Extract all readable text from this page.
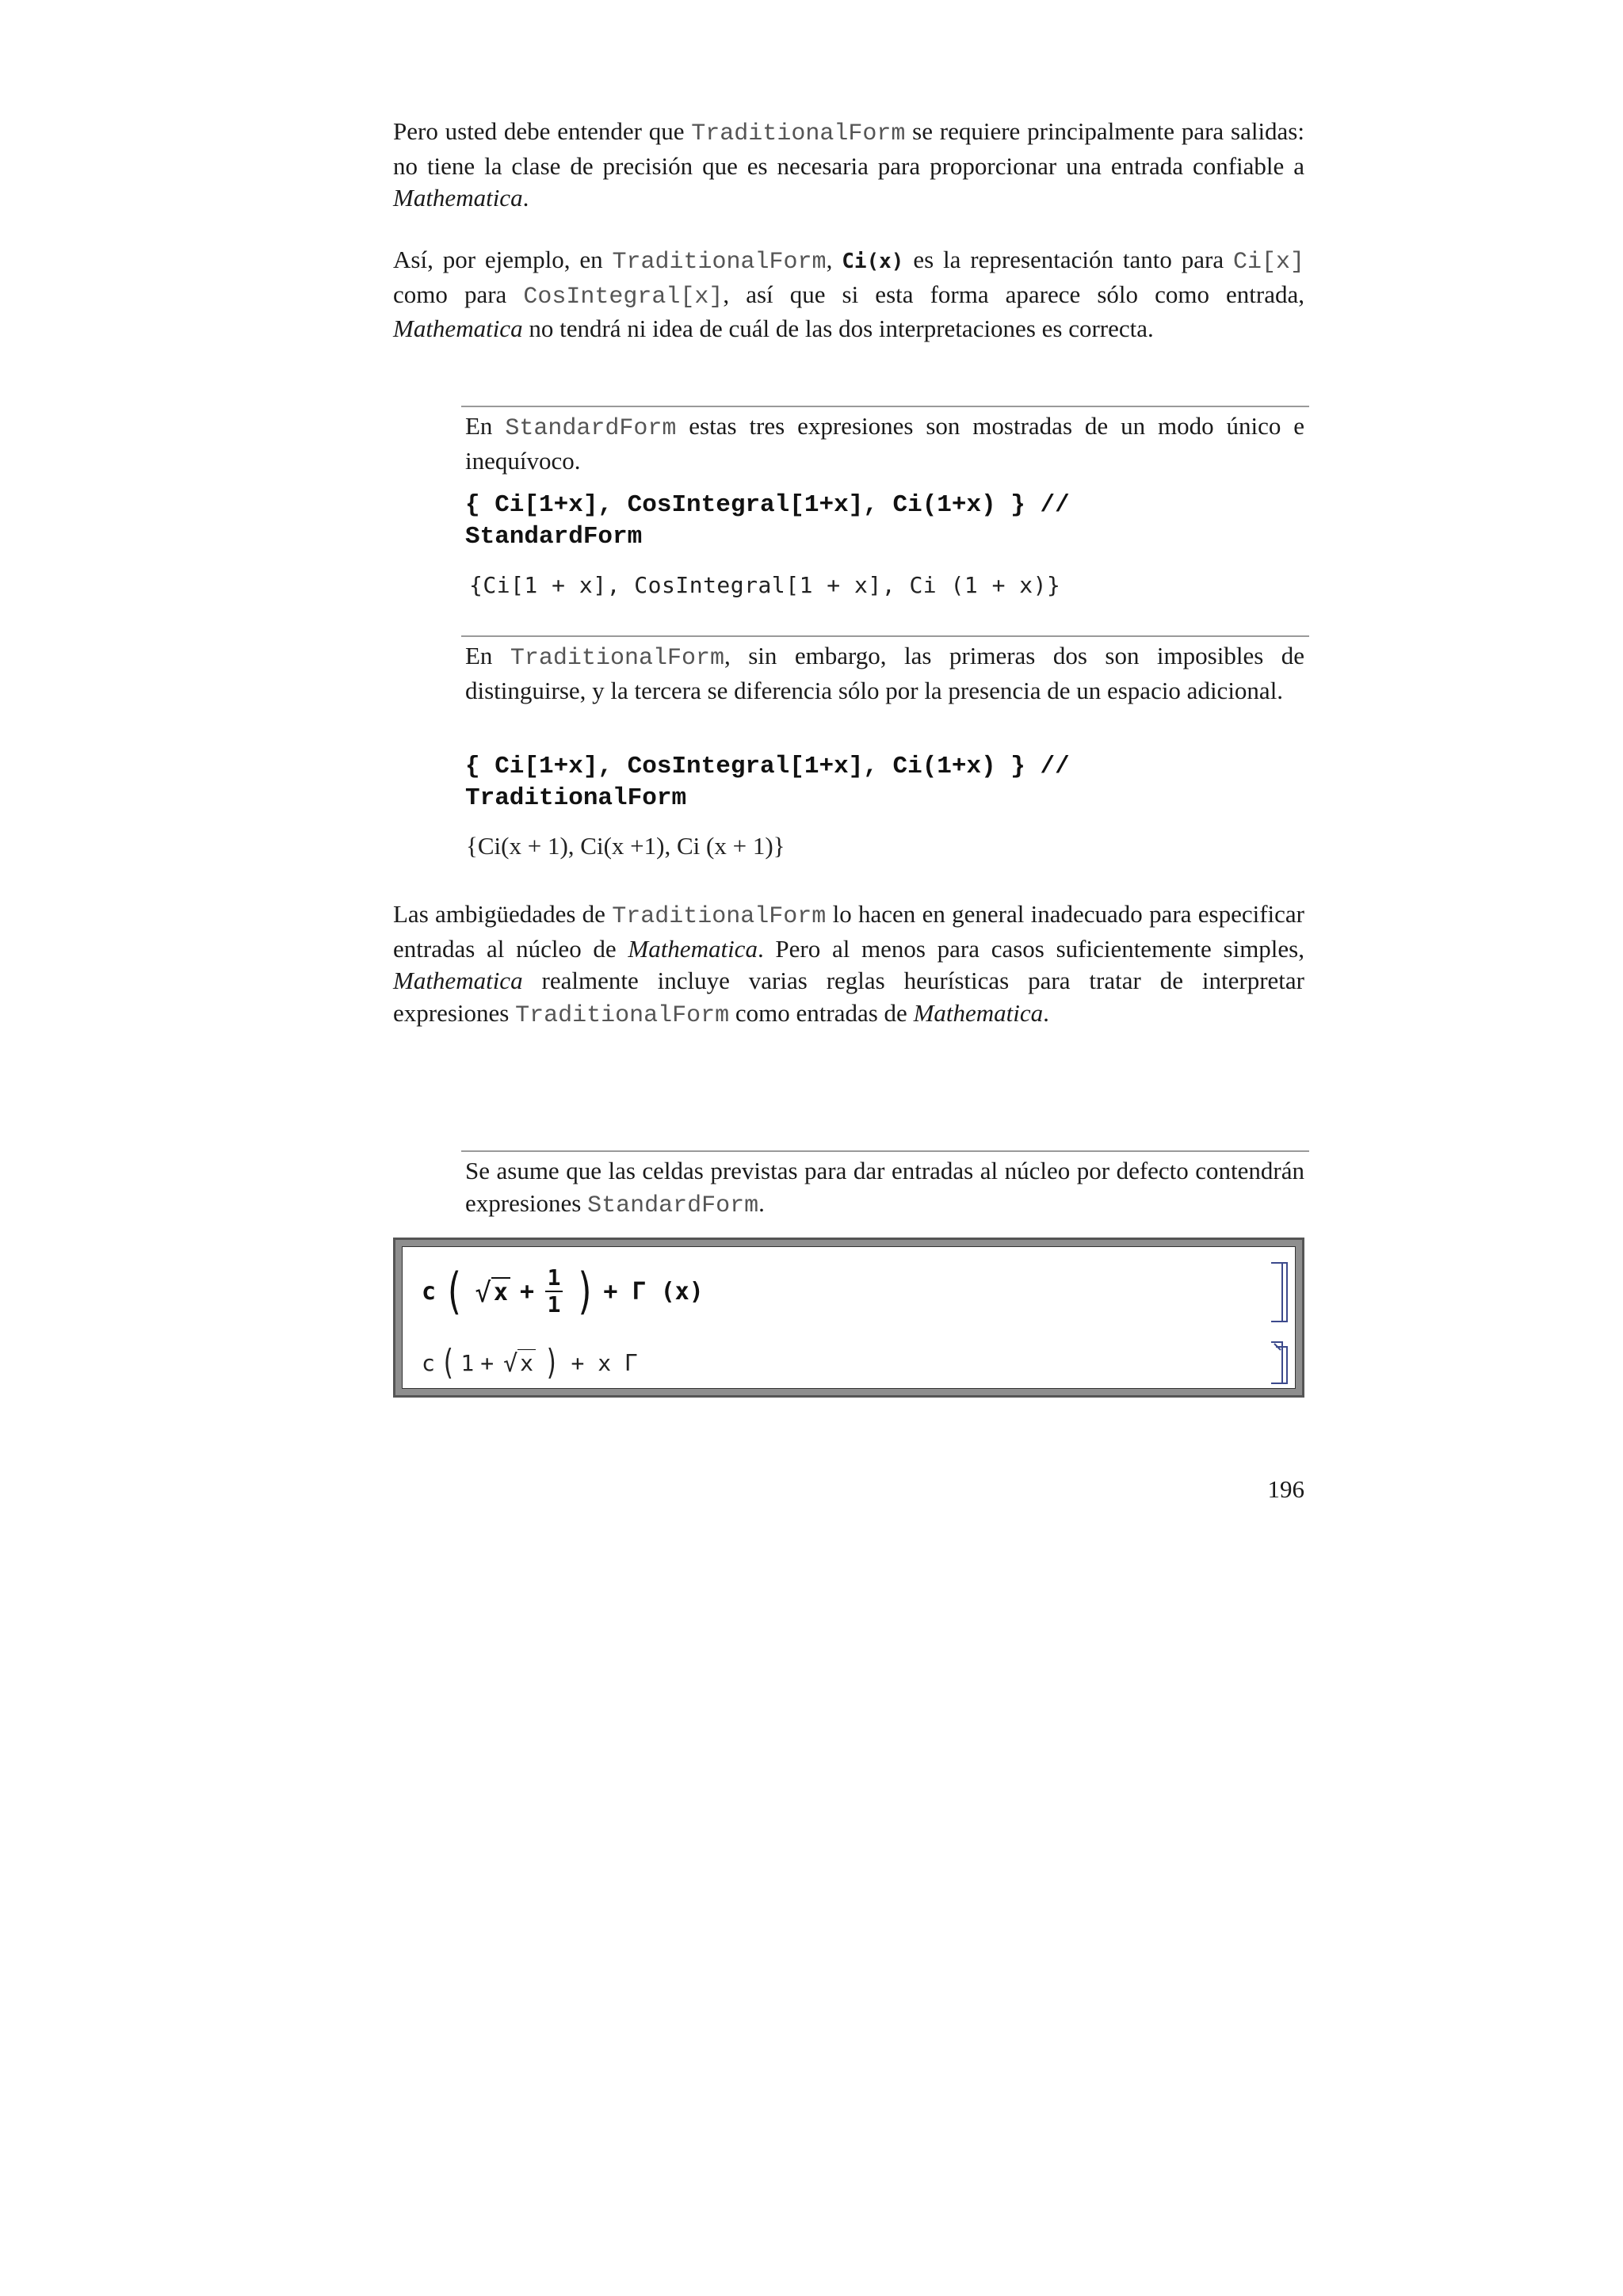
Pero usted debe entender que TraditionalForm se requiere principalmente para salidas: no tiene la clase de precisión que es necesaria para proporcionar una entrada confiable a Mathematica.

Así, por ejemplo, en TraditionalForm, Ci(x) es la representación tanto para Ci[x] como para CosIntegral[x], así que si esta forma aparece sólo como entrada, Mathematica no tendrá ni idea de cuál de las dos interpretaciones es correcta.

En StandardForm estas tres expresiones son mostradas de un modo único e inequívoco.

{ Ci[1+x], CosIntegral[1+x], Ci(1+x) } //
StandardForm
{Ci[1 + x], CosIntegral[1 + x], Ci (1 + x)}

En TraditionalForm, sin embargo, las primeras dos son imposibles de distinguirse, y la tercera se diferencia sólo por la presencia de un espacio adicional.

{ Ci[1+x], CosIntegral[1+x], Ci(1+x) } //
TraditionalForm
{Ci(x + 1), Ci(x +1), Ci (x + 1)}

Las ambigüedades de TraditionalForm lo hacen en general inadecuado para especificar entradas al núcleo de Mathematica. Pero al menos para casos suficientemente simples, Mathematica realmente incluye varias reglas heurísticas para tratar de interpretar expresiones TraditionalForm como entradas de Mathematica.

Se asume que las celdas previstas para dar entradas al núcleo por defecto contendrán expresiones StandardForm.

c ( √ $x + \frac{1}{1}$ ) + Γ (x)
c ( 1 + √ x ) + x Γ
196
